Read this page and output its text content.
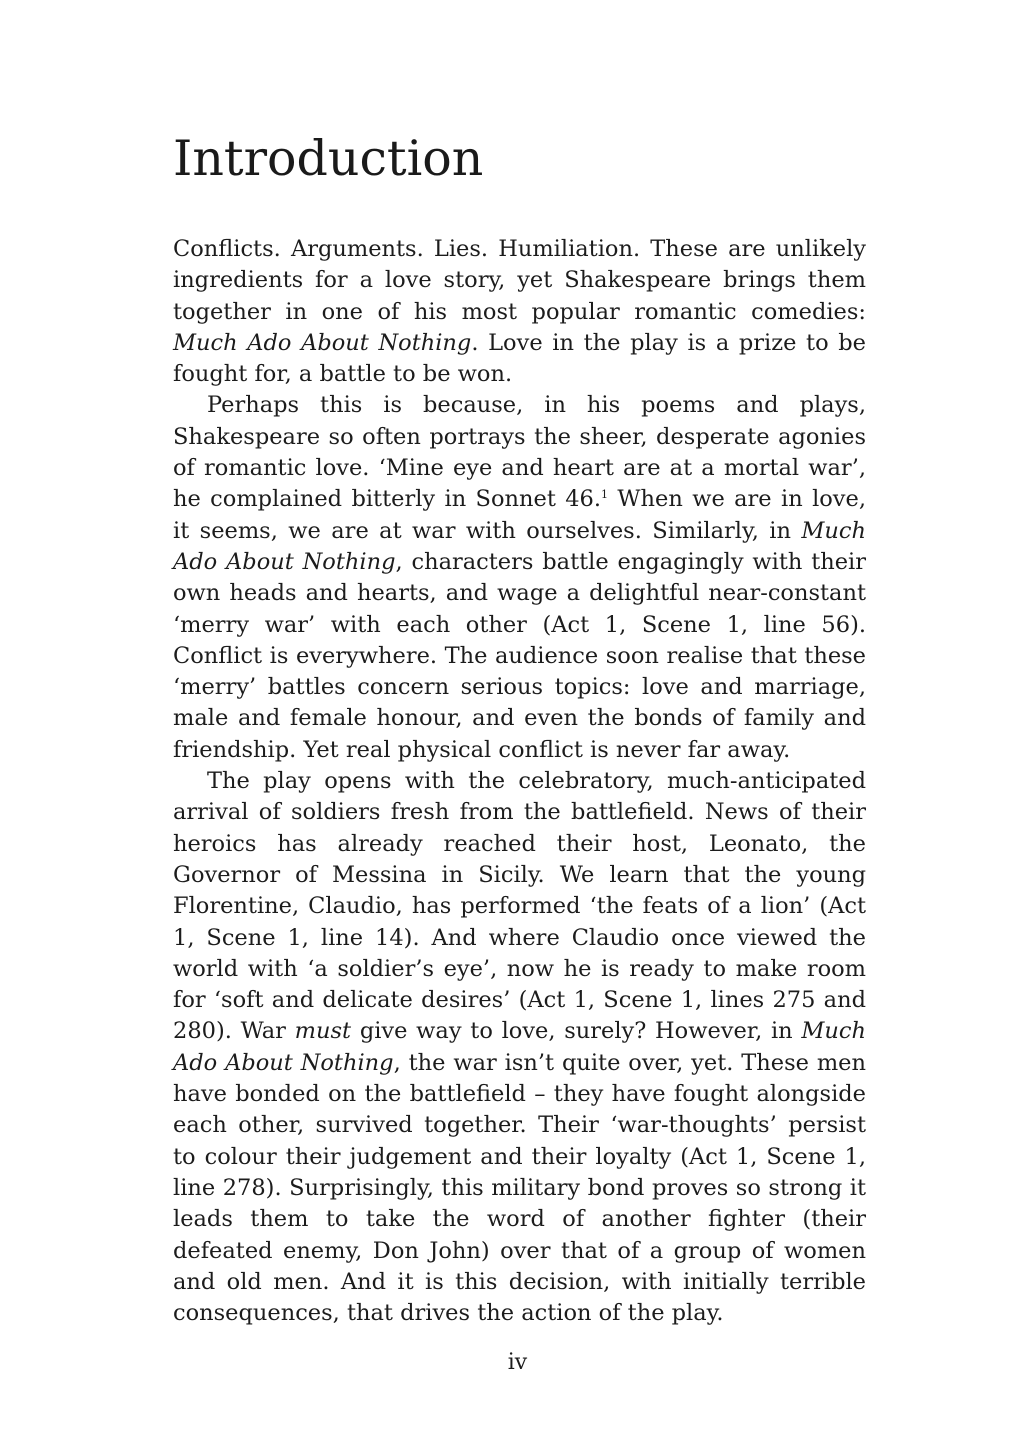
Introduction

Conflicts. Arguments. Lies. Humiliation. These are unlikely ingredients for a love story, yet Shakespeare brings them together in one of his most popular romantic comedies: Much Ado About Nothing. Love in the play is a prize to be fought for, a battle to be won.

Perhaps this is because, in his poems and plays, Shakespeare so often portrays the sheer, desperate agonies of romantic love. ‘Mine eye and heart are at a mortal war’, he complained bitterly in Sonnet 46.$^1$ When we are in love, it seems, we are at war with ourselves. Similarly, in Much Ado About Nothing, characters battle engagingly with their own heads and hearts, and wage a delightful near-constant ‘merry war’ with each other (Act 1, Scene 1, line 56). Conflict is everywhere. The audience soon realise that these ‘merry’ battles concern serious topics: love and marriage, male and female honour, and even the bonds of family and friendship. Yet real physical conflict is never far away.

The play opens with the celebratory, much-anticipated arrival of soldiers fresh from the battlefield. News of their heroics has already reached their host, Leonato, the Governor of Messina in Sicily. We learn that the young Florentine, Claudio, has performed ‘the feats of a lion’ (Act 1, Scene 1, line 14). And where Claudio once viewed the world with ‘a soldier’s eye’, now he is ready to make room for ‘soft and delicate desires’ (Act 1, Scene 1, lines 275 and 280). War must give way to love, surely? However, in Much Ado About Nothing, the war isn’t quite over, yet. These men have bonded on the battlefield – they have fought alongside each other, survived together. Their ‘war-thoughts’ persist to colour their judgement and their loyalty (Act 1, Scene 1, line 278). Surprisingly, this military bond proves so strong it leads them to take the word of another fighter (their defeated enemy, Don John) over that of a group of women and old men. And it is this decision, with initially terrible consequences, that drives the action of the play.

iv
